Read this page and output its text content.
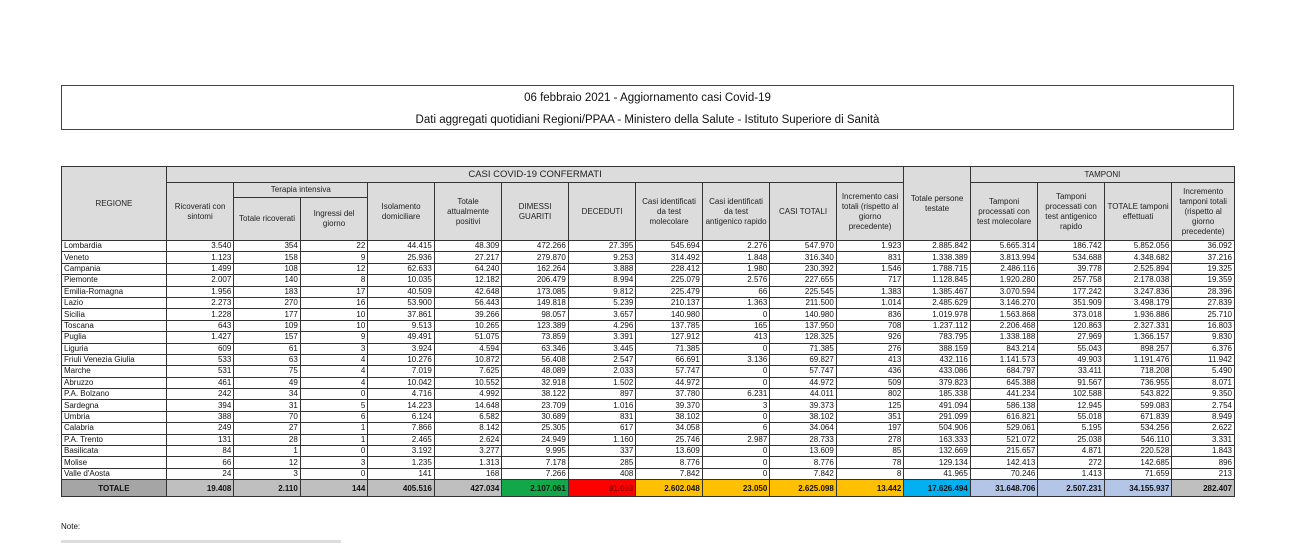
06 febbraio 2021 - Aggiornamento casi Covid-19
Dati aggregati quotidiani Regioni/PPAA - Ministero della Salute - Istituto Superiore di Sanità
REGIONE	CASI COVID-19 CONFERMATI											Totale persone testate	TAMPONI			
	Ricoverati con sintomi	Terapia intensiva		Isolamento domiciliare	Totale attualmente positivi	DIMESSI GUARITI	DECEDUTI	Casi identificati da test molecolare	Casi identificati da test antigenico rapido	CASI TOTALI	Incremento casi totali (rispetto al giorno precedente)		Tamponi processati con test molecolare	Tamponi processati con test antigenico rapido	TOTALE tamponi effettuati	Incremento tamponi totali (rispetto al giorno precedente)
		Totale ricoverati	Ingressi del giorno													
Lombardia	3.540	354	22	44.415	48.309	472.266	27.395	545.694	2.276	547.970	1.923	2.885.842	5.665.314	186.742	5.852.056	36.092
Veneto	1.123	158	9	25.936	27.217	279.870	9.253	314.492	1.848	316.340	831	1.338.389	3.813.994	534.688	4.348.682	37.216
Campania	1.499	108	12	62.633	64.240	162.264	3.888	228.412	1.980	230.392	1.546	1.788.715	2.486.116	39.778	2.525.894	19.325
Piemonte	2.007	140	8	10.035	12.182	206.479	8.994	225.079	2.576	227.655	717	1.128.845	1.920.280	257.758	2.178.038	19.359
Emilia-Romagna	1.956	183	17	40.509	42.648	173.085	9.812	225.479	66	225.545	1.383	1.385.467	3.070.594	177.242	3.247.836	28.396
Lazio	2.273	270	16	53.900	56.443	149.818	5.239	210.137	1.363	211.500	1.014	2.485.629	3.146.270	351.909	3.498.179	27.839
Sicilia	1.228	177	10	37.861	39.266	98.057	3.657	140.980	0	140.980	836	1.019.978	1.563.868	373.018	1.936.886	25.710
Toscana	643	109	10	9.513	10.265	123.389	4.296	137.785	165	137.950	708	1.237.112	2.206.468	120.863	2.327.331	16.803
Puglia	1.427	157	9	49.491	51.075	73.859	3.391	127.912	413	128.325	926	783.795	1.338.188	27.969	1.366.157	9.830
Liguria	609	61	3	3.924	4.594	63.346	3.445	71.385	0	71.385	276	388.159	843.214	55.043	898.257	6.376
Friuli Venezia Giulia	533	63	4	10.276	10.872	56.408	2.547	66.691	3.136	69.827	413	432.116	1.141.573	49.903	1.191.476	11.942
Marche	531	75	4	7.019	7.625	48.089	2.033	57.747	0	57.747	436	433.086	684.797	33.411	718.208	5.490
Abruzzo	461	49	4	10.042	10.552	32.918	1.502	44.972	0	44.972	509	379.823	645.388	91.567	736.955	8.071
P.A. Bolzano	242	34	0	4.716	4.992	38.122	897	37.780	6.231	44.011	802	185.338	441.234	102.588	543.822	9.350
Sardegna	394	31	5	14.223	14.648	23.709	1.016	39.370	3	39.373	125	491.094	586.138	12.945	599.083	2.754
Umbria	388	70	6	6.124	6.582	30.689	831	38.102	0	38.102	351	291.099	616.821	55.018	671.839	8.949
Calabria	249	27	1	7.866	8.142	25.305	617	34.058	6	34.064	197	504.906	529.061	5.195	534.256	2.622
P.A. Trento	131	28	1	2.465	2.624	24.949	1.160	25.746	2.987	28.733	278	163.333	521.072	25.038	546.110	3.331
Basilicata	84	1	0	3.192	3.277	9.995	337	13.609	0	13.609	85	132.669	215.657	4.871	220.528	1.843
Molise	66	12	3	1.235	1.313	7.178	285	8.776	0	8.776	78	129.134	142.413	272	142.685	896
Valle d'Aosta	24	3	0	141	168	7.266	408	7.842	0	7.842	8	41.965	70.246	1.413	71.659	213
TOTALE	19.408	2.110	144	405.516	427.034	2.107.061	91.003	2.602.048	23.050	2.625.098	13.442	17.626.494	31.648.706	2.507.231	34.155.937	282.407
Note:
